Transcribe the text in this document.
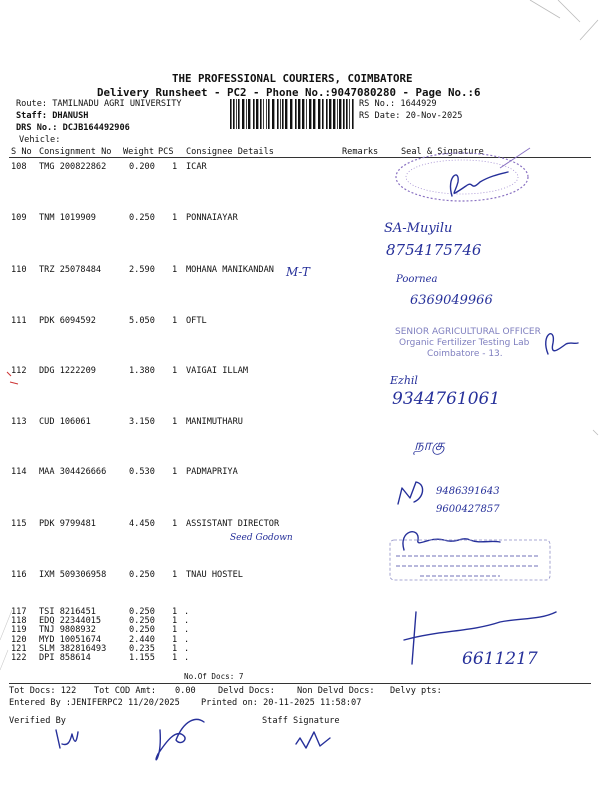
THE PROFESSIONAL COURIERS, COIMBATORE
Delivery Runsheet - PC2 - Phone No.:9047080280 - Page No.:6
Route: TAMILNADU AGRI UNIVERSITY
Staff: DHANUSH
DRS No.: DCJB164492906
Vehicle:
RS No.: 1644929
RS Date: 20-Nov-2025
S No Consignment No Weight PCS Consignee Details	Remarks	Seal & Signature
108 TMG 200822862	0.200 1 ICAR
109 TNM 1019909	0.250 1 PONNAIAYAR
110 TRZ 25078484	2.590 1 MOHANA MANIKANDAN
111 PDK 6094592	5.050 1 OFTL
112 DDG 1222209	1.380 1 VAIGAI ILLAM
113 CUD 106061	3.150 1 MANIMUTHARU
114 MAA 304426666	0.530 1 PADMAPRIYA
115 PDK 9799481	4.450 1 ASSISTANT DIRECTOR
116 IXM 509306958	0.250 1 TNAU HOSTEL
117 TSI 8216451	0.250 1 .
118 EDQ 22344015	0.250 1 .
119 TNJ 9808932	0.250 1 .
120 MYD 10051674	2.440 1 .
121 SLM 382816493	0.235 1 .
122 DPI 858614	1.155 1 .
No.Of Docs: 7
Tot Docs: 122 Tot COD Amt: 0.00	Delvd Docs:	Non Delvd Docs: Delvy pts:
Entered By :JENIFERPC2 11/20/2025 Printed on: 20-11-2025 11:58:07
Verified By	Staff Signature
SA-Muyilu
8754175746
M-T
Poornea
6369049966
SENIOR AGRICULTURAL OFFICER
Organic Fertilizer Testing Lab
Coimbatore - 13.
Ezhil
9344761061
நாகு
9486391643
9600427857
Seed Godown
6611217
